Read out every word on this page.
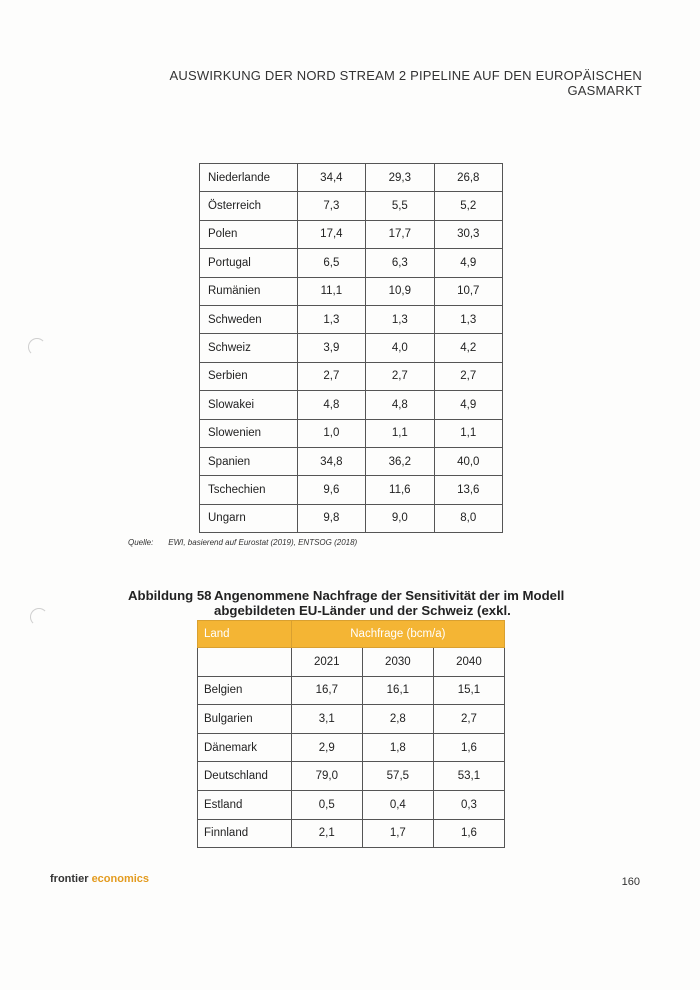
AUSWIRKUNG DER NORD STREAM 2 PIPELINE AUF DEN EUROPÄISCHEN
GASMARKT
Niederlande	34,4	29,3	26,8
Österreich	7,3	5,5	5,2
Polen	17,4	17,7	30,3
Portugal	6,5	6,3	4,9
Rumänien	11,1	10,9	10,7
Schweden	1,3	1,3	1,3
Schweiz	3,9	4,0	4,2
Serbien	2,7	2,7	2,7
Slowakei	4,8	4,8	4,9
Slowenien	1,0	1,1	1,1
Spanien	34,8	36,2	40,0
Tschechien	9,6	11,6	13,6
Ungarn	9,8	9,0	8,0
Quelle: EWI, basierend auf Eurostat (2019), ENTSOG (2018)
Abbildung 58 Angenommene Nachfrage der Sensitivität der im Modell
abgebildeten EU-Länder und der Schweiz (exkl.
Land	Nachfrage (bcm/a)		
	2021	2030	2040
Belgien	16,7	16,1	15,1
Bulgarien	3,1	2,8	2,7
Dänemark	2,9	1,8	1,6
Deutschland	79,0	57,5	53,1
Estland	0,5	0,4	0,3
Finnland	2,1	1,7	1,6
frontier economics	160
